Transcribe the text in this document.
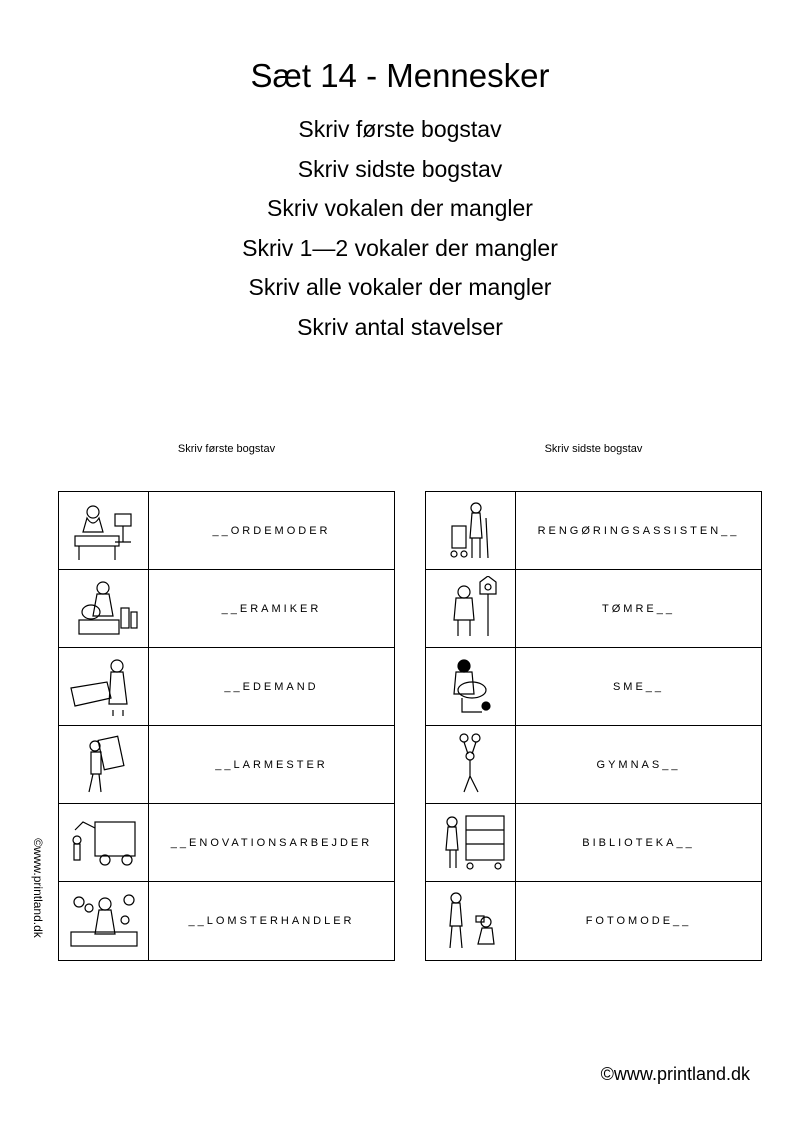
Sæt 14 - Mennesker
Skriv første bogstav
Skriv sidste bogstav
Skriv vokalen der mangler
Skriv 1—2 vokaler der mangler
Skriv alle vokaler der mangler
Skriv antal stavelser
Skriv første bogstav	Skriv sidste bogstav
__ORDEMODER
__ERAMIKER
__EDEMAND
__LARMESTER
__ENOVATIONSARBEJDER
__LOMSTERHANDLER
RENGØRINGSASSISTEN__
TØMRE__
SME__
GYMNAS__
BIBLIOTEKA__
FOTOMODE__
©www.printland.dk
©www.printland.dk
